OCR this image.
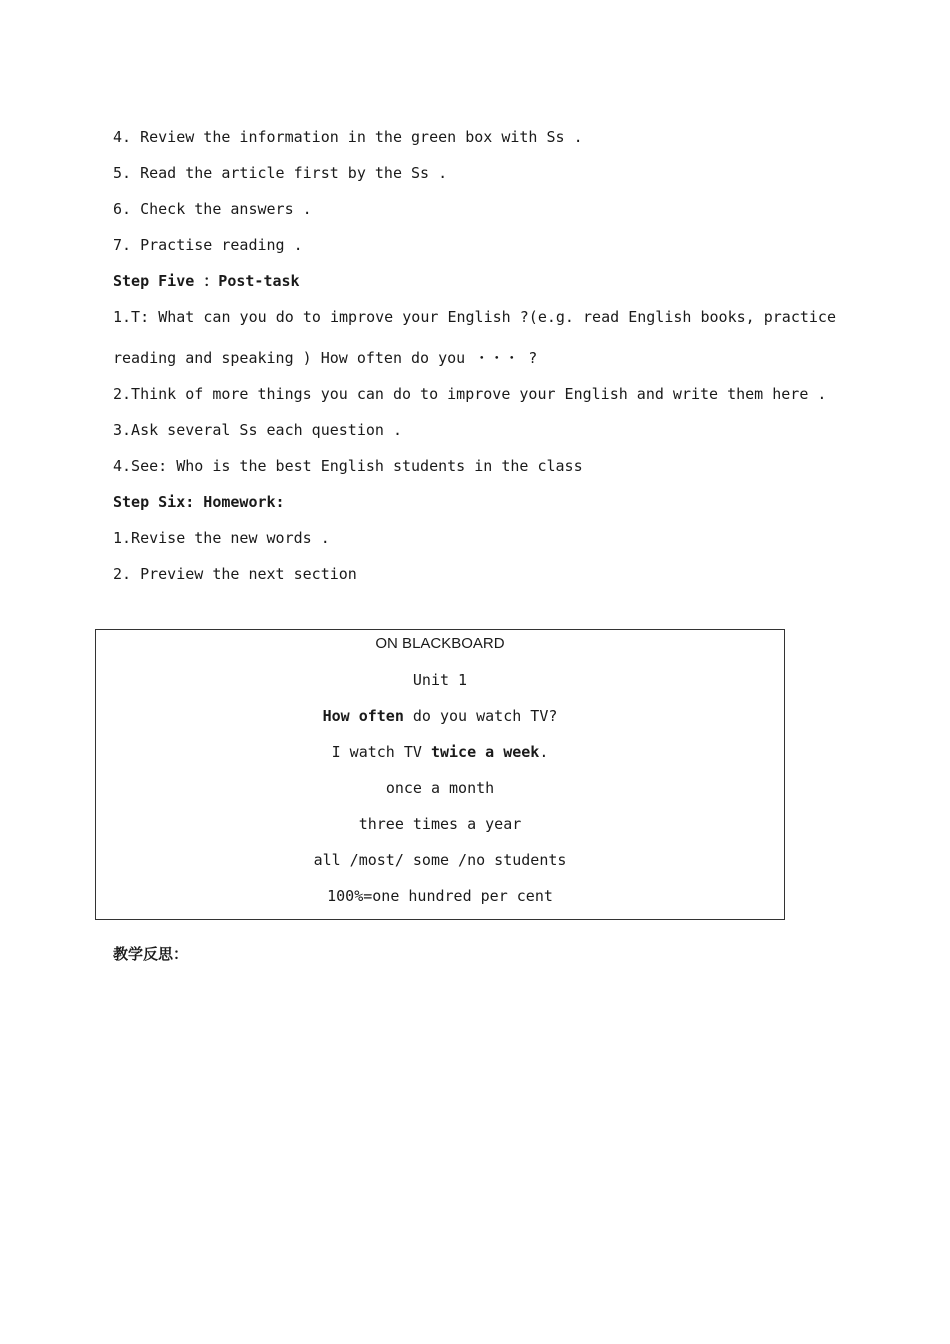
4. Review the information in the green box with Ss .
5. Read the article first by the Ss .
6. Check the answers .
7. Practise reading .
Step Five ：Post-task
1.T: What can you do to improve your English ?(e.g. read English books, practice
reading and speaking ) How often do you ・・・ ?
2.Think of more things you can do to improve your English and write them here .
3.Ask several Ss each question .
4.See: Who is the best English students in the class
Step Six: Homework:
1.Revise the new words .
2. Preview the next section
ON BLACKBOARD
Unit 1
How often do you watch TV?
I watch TV twice a week.
once a month
three times a year
all /most/ some /no students
100%=one hundred per cent
教学反思：
